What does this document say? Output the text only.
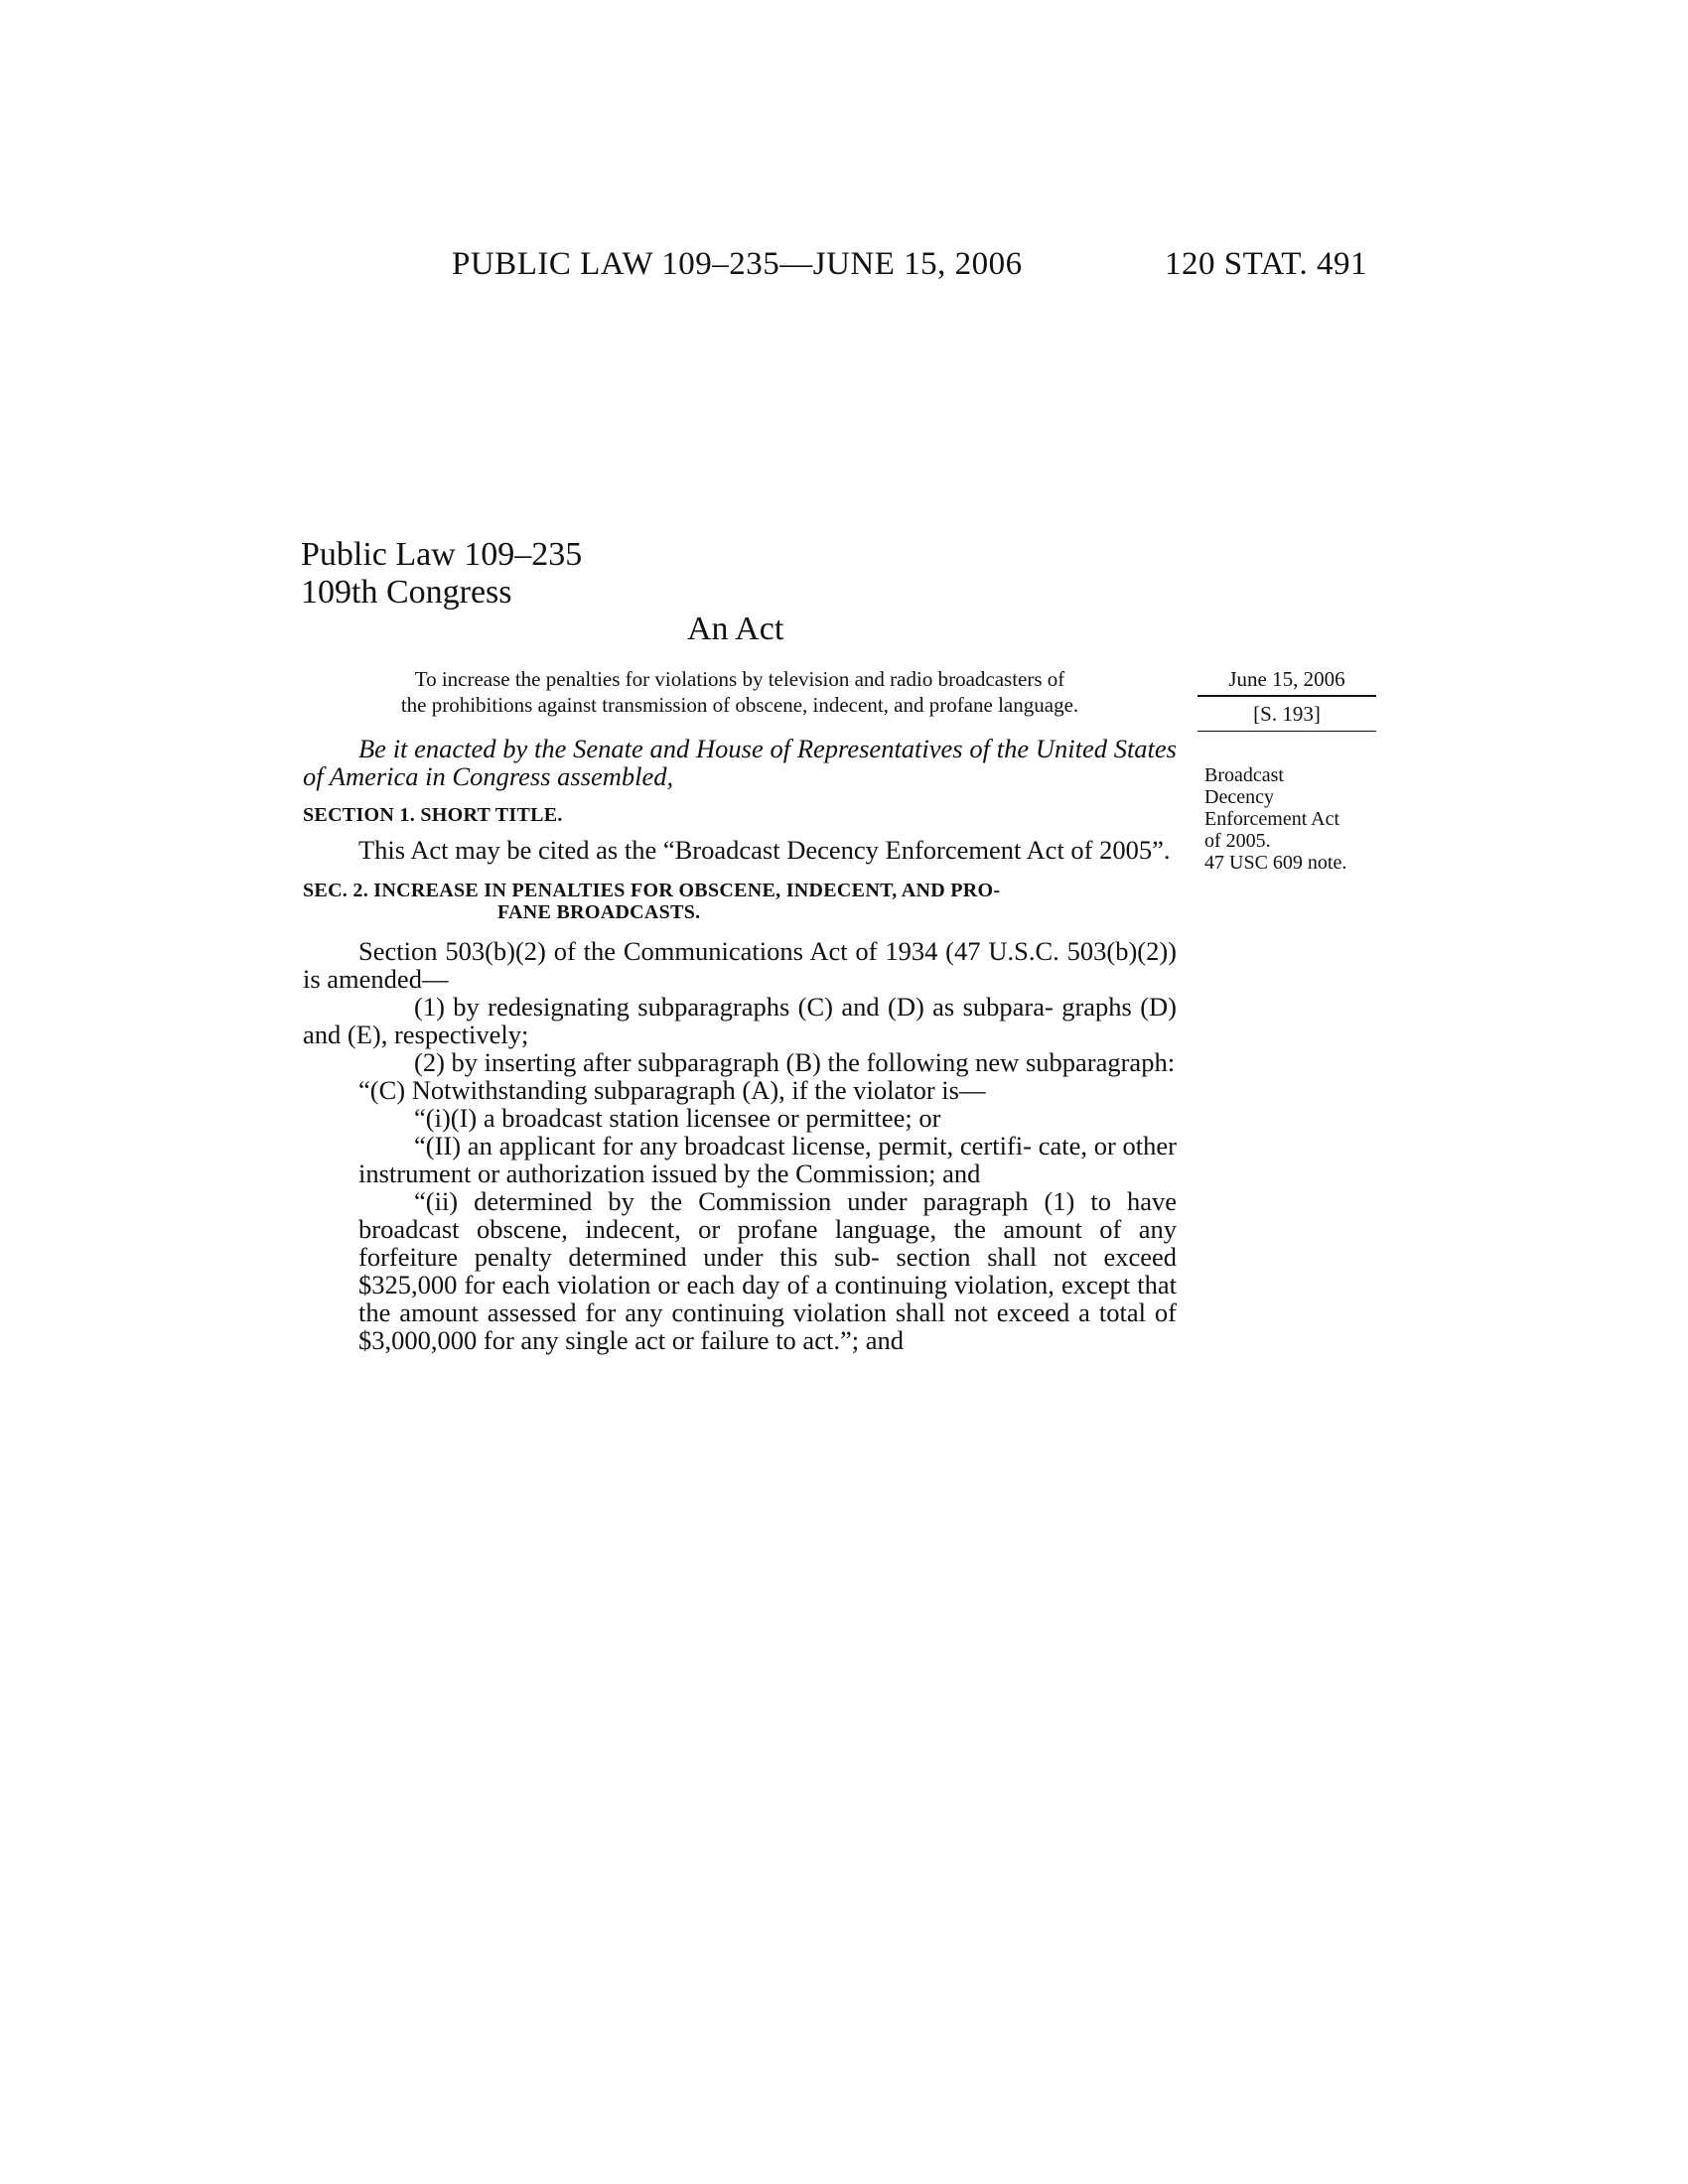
PUBLIC LAW 109–235—JUNE 15, 2006	120 STAT. 491
Public Law 109–235
109th Congress
An Act
To increase the penalties for violations by television and radio broadcasters of
the prohibitions against transmission of obscene, indecent, and profane language.
June 15, 2006
[S. 193]
Broadcast
Decency
Enforcement Act
of 2005.
47 USC 609 note.

Be it enacted by the Senate and House of Representatives of the United States of America in Congress assembled,

SECTION 1. SHORT TITLE.

This Act may be cited as the “Broadcast Decency Enforcement Act of 2005”.

SEC. 2. INCREASE IN PENALTIES FOR OBSCENE, INDECENT, AND PRO-
FANE BROADCASTS.

Section 503(b)(2) of the Communications Act of 1934 (47 U.S.C. 503(b)(2)) is amended—

(1) by redesignating subparagraphs (C) and (D) as subpara- graphs (D) and (E), respectively;

(2) by inserting after subparagraph (B) the following new subparagraph:

“(C) Notwithstanding subparagraph (A), if the violator is—

“(i)(I) a broadcast station licensee or permittee; or

“(II) an applicant for any broadcast license, permit, certifi- cate, or other instrument or authorization issued by the Commission; and

“(ii) determined by the Commission under paragraph (1) to have broadcast obscene, indecent, or profane language, the amount of any forfeiture penalty determined under this sub- section shall not exceed $325,000 for each violation or each day of a continuing violation, except that the amount assessed for any continuing violation shall not exceed a total of $3,000,000 for any single act or failure to act.”; and
